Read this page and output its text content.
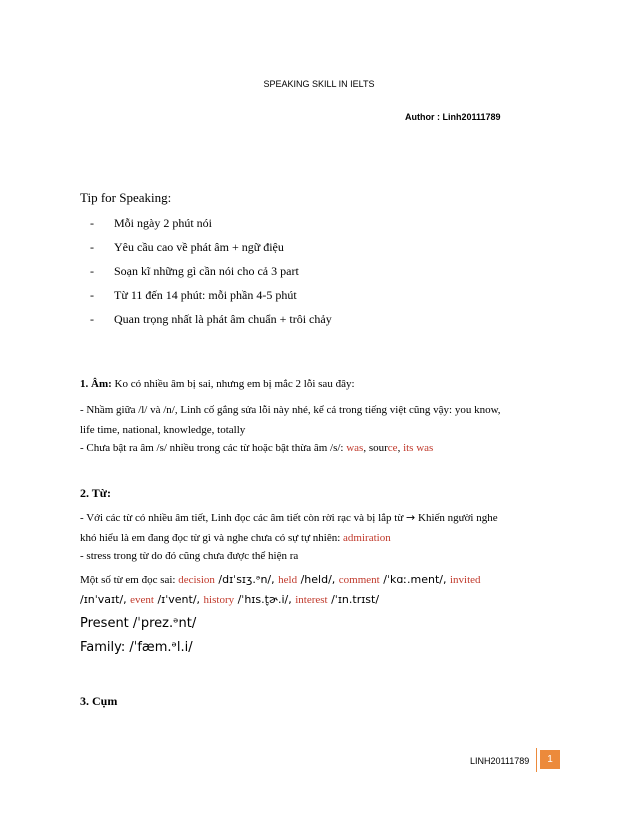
SPEAKING SKILL IN IELTS
Author : Linh20111789
Tip for Speaking:
- Mỗi ngày 2 phút nói
- Yêu cầu cao về phát âm + ngữ điệu
- Soạn kĩ những gì cần nói cho cả 3 part
- Từ 11 đến 14 phút: mỗi phần 4-5 phút
- Quan trọng nhất là phát âm chuẩn + trôi chảy
1. Âm: Ko có nhiều âm bị sai, nhưng em bị mắc 2 lỗi sau đây:
- Nhầm giữa /l/ và /n/, Linh cố gắng sửa lỗi này nhé, kể cả trong tiếng việt cũng vậy: you know,
life time, national, knowledge, totally
- Chưa bật ra âm /s/ nhiều trong các từ hoặc bật thừa âm /s/: was, source, its was
2. Từ:
- Với các từ có nhiều âm tiết, Linh đọc các âm tiết còn rời rạc và bị lắp từ → Khiến người nghe
khó hiểu là em đang đọc từ gì và nghe chưa có sự tự nhiên: admiration
- stress trong từ do đó cũng chưa được thể hiện ra
Một số từ em đọc sai: decision /dɪˈsɪʒ.ᵊn/, held /held/, comment /ˈkɑː.ment/, invited
/ɪnˈvaɪt/, event /ɪˈvent/, history /ˈhɪs.t̬ɚ.i/, interest /ˈɪn.trɪst/
Present /ˈprez.ᵊnt/
Family: /ˈfæm.ᵊl.i/
3. Cụm
LINH20111789	1
